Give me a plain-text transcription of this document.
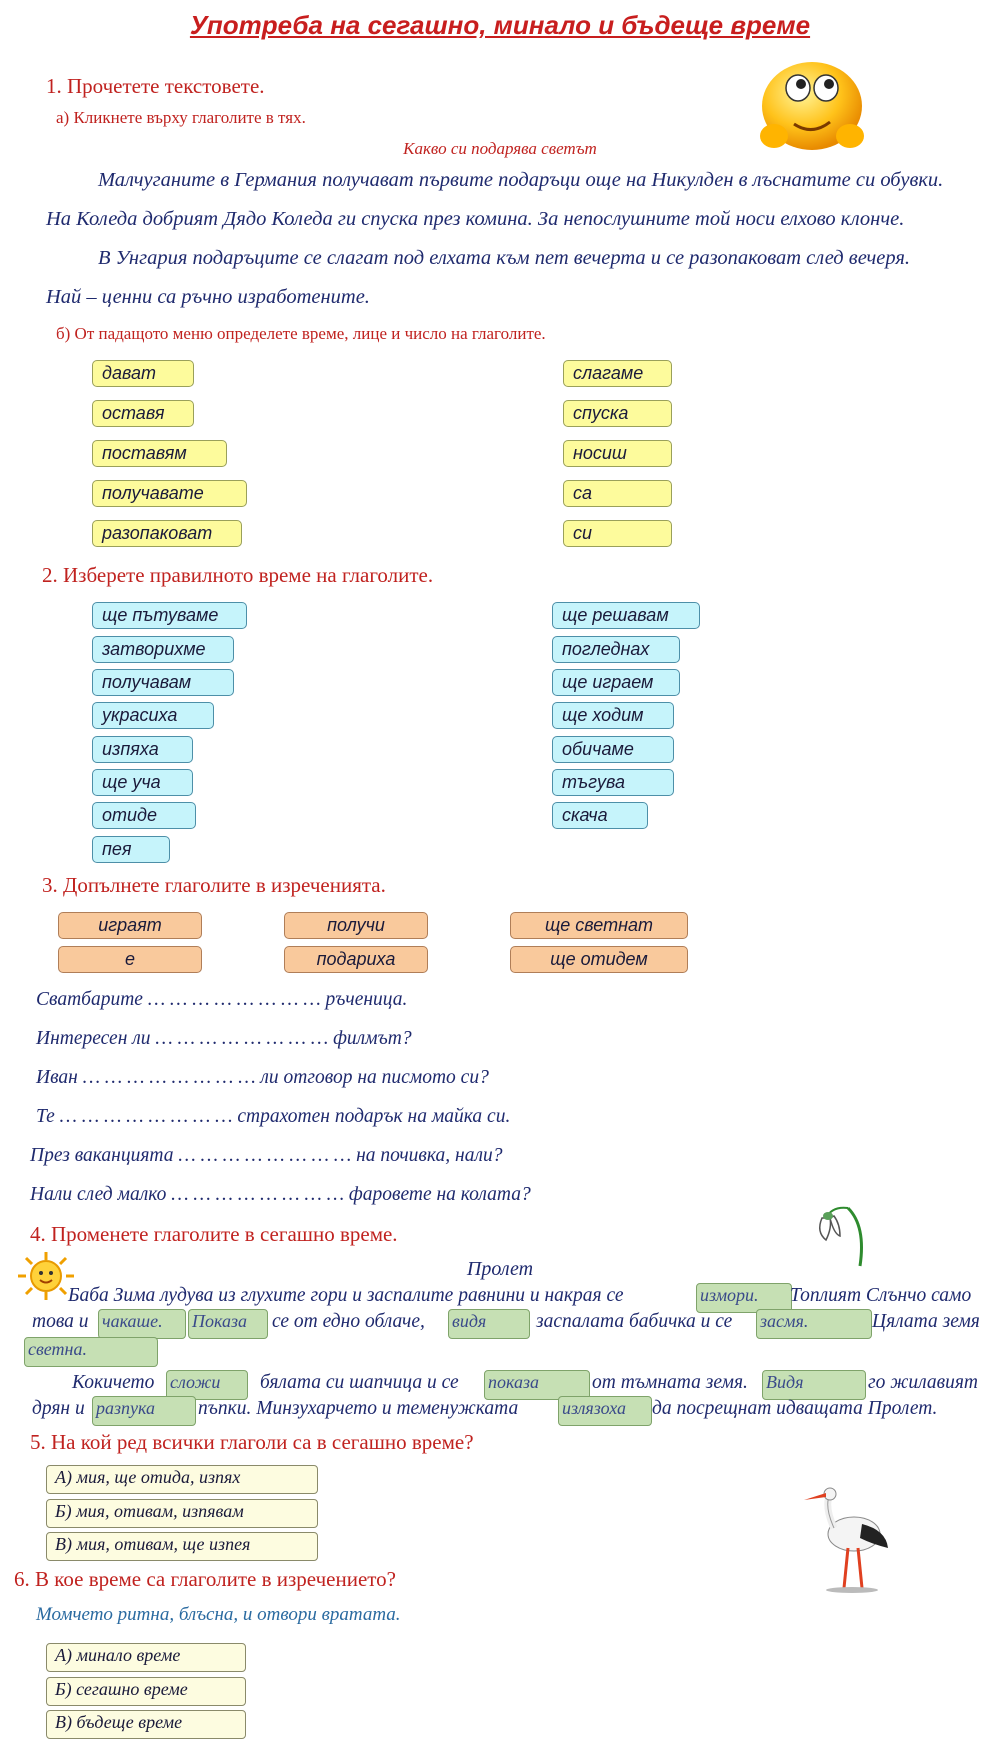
Употреба на сегашно, минало и бъдеще време
1. Прочетете текстовете.
а) Кликнете върху глаголите в тях.
Какво си подарява светът
Малчуганите в Германия получават първите подаръци още на Никулден в лъснатите си обувки.
На Коледа добрият Дядо Коледа ги спуска през комина. За непослушните той носи елхово клонче.
В Унгария подаръците се слагат под елхата към пет вечерта и се разопаковат след вечеря.
Най – ценни са ръчно изработените.
б) От падащото меню определете време, лице и число на глаголите.
дават
оставя
поставям
получавате
разопаковат
слагаме
спуска
носиш
са
си
2. Изберете правилното време на глаголите.
ще пътуваме
затворихме
получавам
украсиха
изпяха
ще уча
отиде
пея
ще решавам
погледнах
ще играем
ще ходим
обичаме
тъгува
скача
3. Допълнете глаголите в изреченията.
играят	получи	ще светнат
е	подариха	ще отидем
Сватбарите … … … … … … … … ръченица.
Интересен ли … … … … … … … … филмът?
Иван … … … … … … … … ли отговор на писмото си?
Те … … … … … … … … страхотен подарък на майка си.
През ваканцията … … … … … … … … на почивка, нали?
Нали след малко … … … … … … … … фаровете на колата?
4. Променете глаголите в сегашно време.
Пролет
Баба Зима лудува из глухите гори и заспалите равнини и накрая се	измори.	Топлият Слънчо само
това и чакаше.	Показа	се от едно облаче, видя	заспалата бабичка и се засмя.	Цялата земя
светна.
Кокичето сложи	бялата си шапчица и се показа	от тъмната земя. Видя	го жилавият
дрян и разпука	пъпки. Минзухарчето и теменужката излязоха	да посрещнат идващата Пролет.
5. На кой ред всички глаголи са в сегашно време?
А) мия, ще отида, изпях
Б) мия, отивам, изпявам
В) мия, отивам, ще изпея
6. В кое време са глаголите в изречението?
Момчето ритна, блъсна, и отвори вратата.
А) минало време
Б) сегашно време
В) бъдеще време
